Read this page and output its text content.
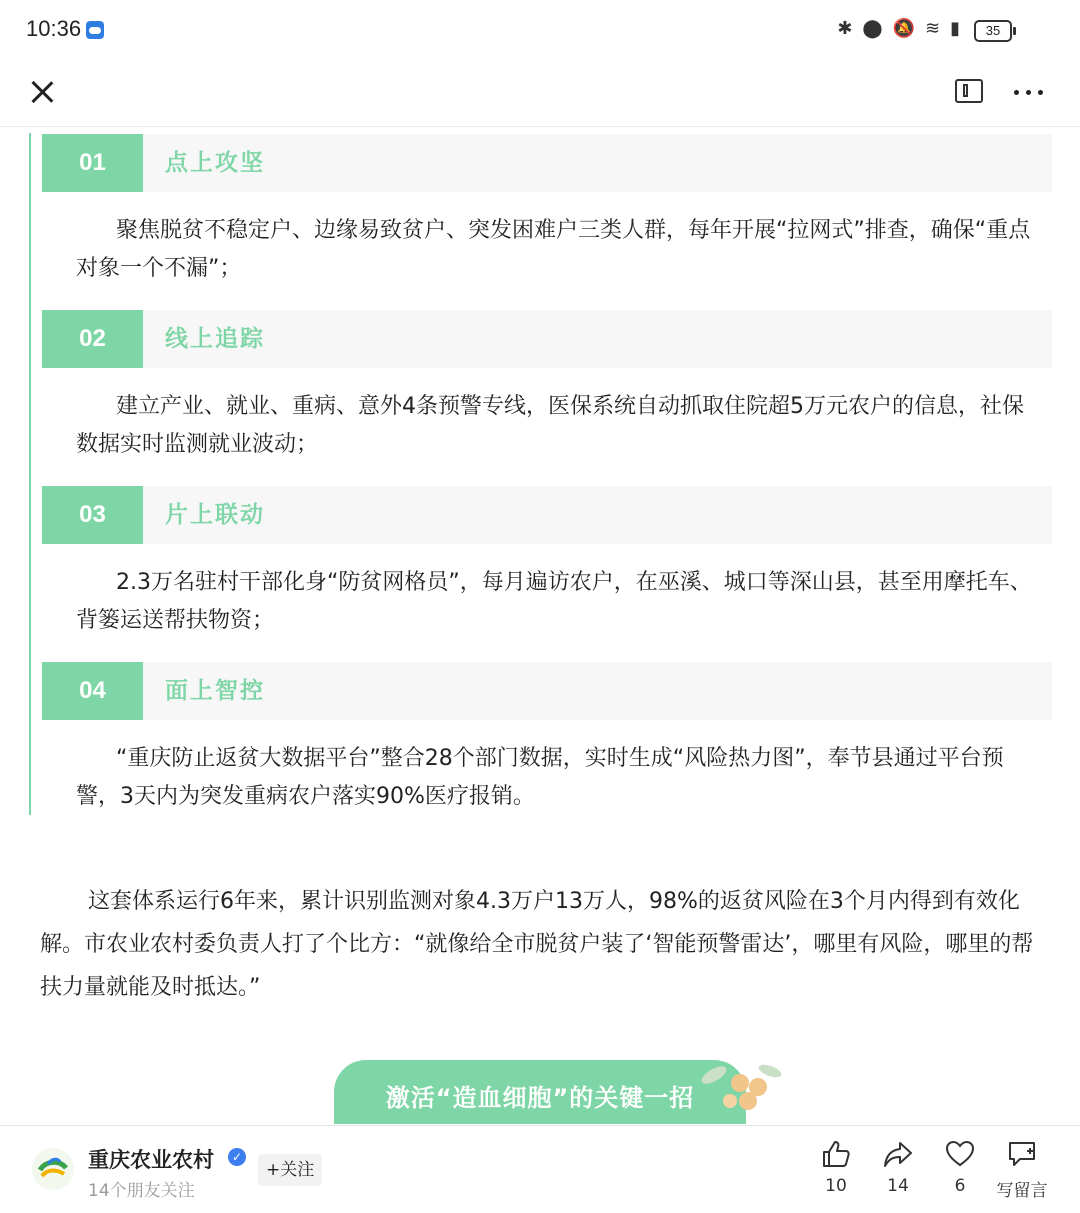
10:36	✱ ⬤ 🔕 ≋ ▮	35
01	点上攻坚
聚焦脱贫不稳定户、边缘易致贫户、突发困难户三类人群，每年开展“拉网式”排查，确保“重点对象一个不漏”；
02	线上追踪
建立产业、就业、重病、意外4条预警专线，医保系统自动抓取住院超5万元农户的信息，社保数据实时监测就业波动；
03	片上联动
2.3万名驻村干部化身“防贫网格员”，每月遍访农户，在巫溪、城口等深山县，甚至用摩托车、背篓运送帮扶物资；
04	面上智控
“重庆防止返贫大数据平台”整合28个部门数据，实时生成“风险热力图”，奉节县通过平台预警，3天内为突发重病农户落实90%医疗报销。
这套体系运行6年来，累计识别监测对象4.3万户13万人，98%的返贫风险在3个月内得到有效化解。市农业农村委负责人打了个比方：“就像给全市脱贫户装了‘智能预警雷达’，哪里有风险，哪里的帮扶力量就能及时抵达。”
激活“造血细胞”的关键一招
重庆农业农村	✓
14个朋友关注
+关注
10	14	6	写留言
